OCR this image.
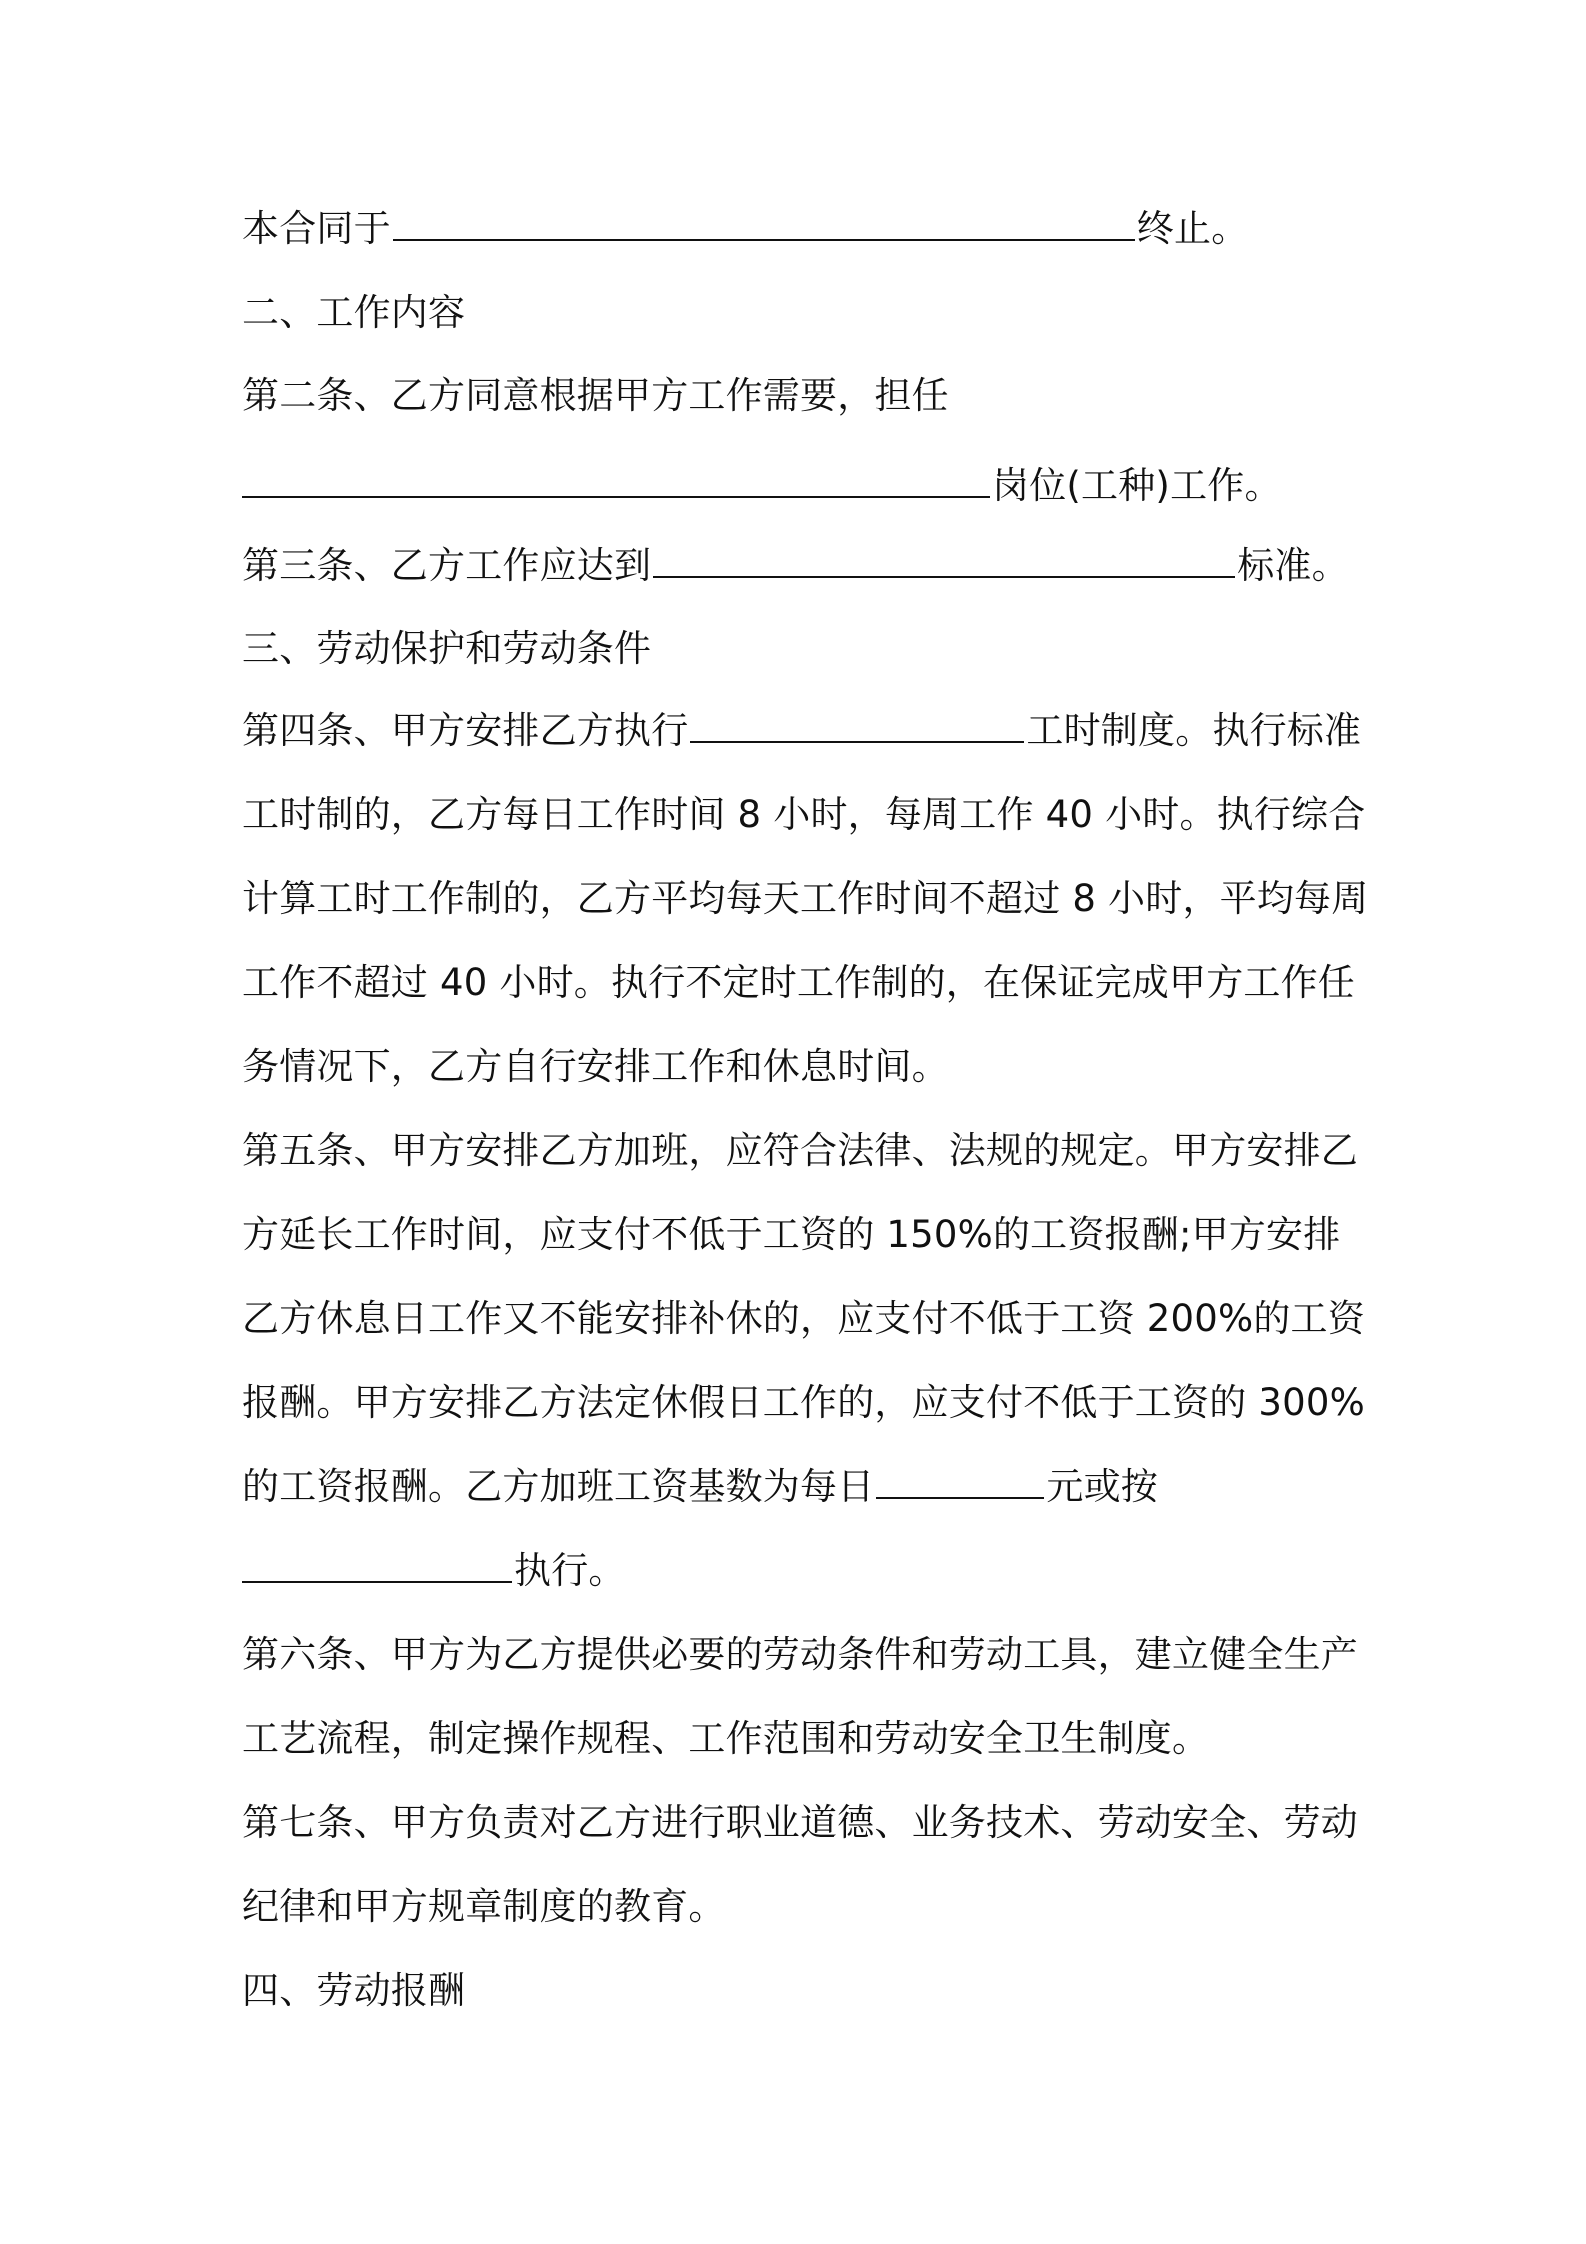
本合同于	终止。
二、工作内容
第二条、乙方同意根据甲方工作需要，担任
岗位(工种)工作。
第三条、乙方工作应达到	标准。
三、劳动保护和劳动条件
第四条、甲方安排乙方执行	工时制度。执行标准
工时制的，乙方每日工作时间 8 小时，每周工作 40 小时。执行综合
计算工时工作制的，乙方平均每天工作时间不超过 8 小时，平均每周
工作不超过 40 小时。执行不定时工作制的，在保证完成甲方工作任
务情况下，乙方自行安排工作和休息时间。
第五条、甲方安排乙方加班，应符合法律、法规的规定。甲方安排乙
方延长工作时间，应支付不低于工资的 150%的工资报酬;甲方安排
乙方休息日工作又不能安排补休的，应支付不低于工资 200%的工资
报酬。甲方安排乙方法定休假日工作的，应支付不低于工资的 300%
的工资报酬。乙方加班工资基数为每日	元或按
执行。
第六条、甲方为乙方提供必要的劳动条件和劳动工具，建立健全生产
工艺流程，制定操作规程、工作范围和劳动安全卫生制度。
第七条、甲方负责对乙方进行职业道德、业务技术、劳动安全、劳动
纪律和甲方规章制度的教育。
四、劳动报酬
